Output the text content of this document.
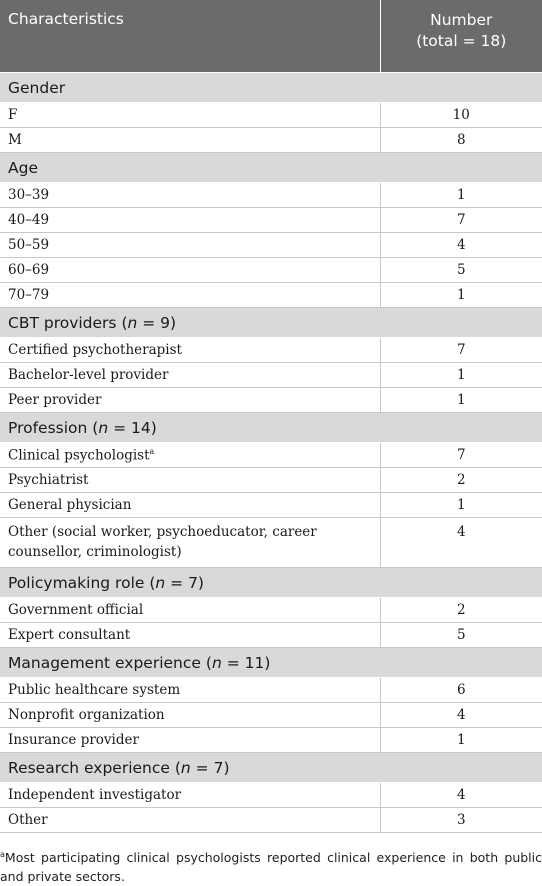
Characteristics	Number
(total = 18)

Gender	
F	10
M	8
Age	
30–39	1
40–49	7
50–59	4
60–69	5
70–79	1
CBT providers (n = 9)	
Certified psychotherapist	7
Bachelor-level provider	1
Peer provider	1
Profession (n = 14)	
Clinical psychologist$^a$	7
Psychiatrist	2
General physician	1
Other (social worker, psychoeducator, career counsellor, criminologist)	4
Policymaking role (n = 7)	
Government official	2
Expert consultant	5
Management experience (n = 11)	
Public healthcare system	6
Nonprofit organization	4
Insurance provider	1
Research experience (n = 7)	
Independent investigator	4
Other	3

$^a$Most participating clinical psychologists reported clinical experience in both public and private sectors.
